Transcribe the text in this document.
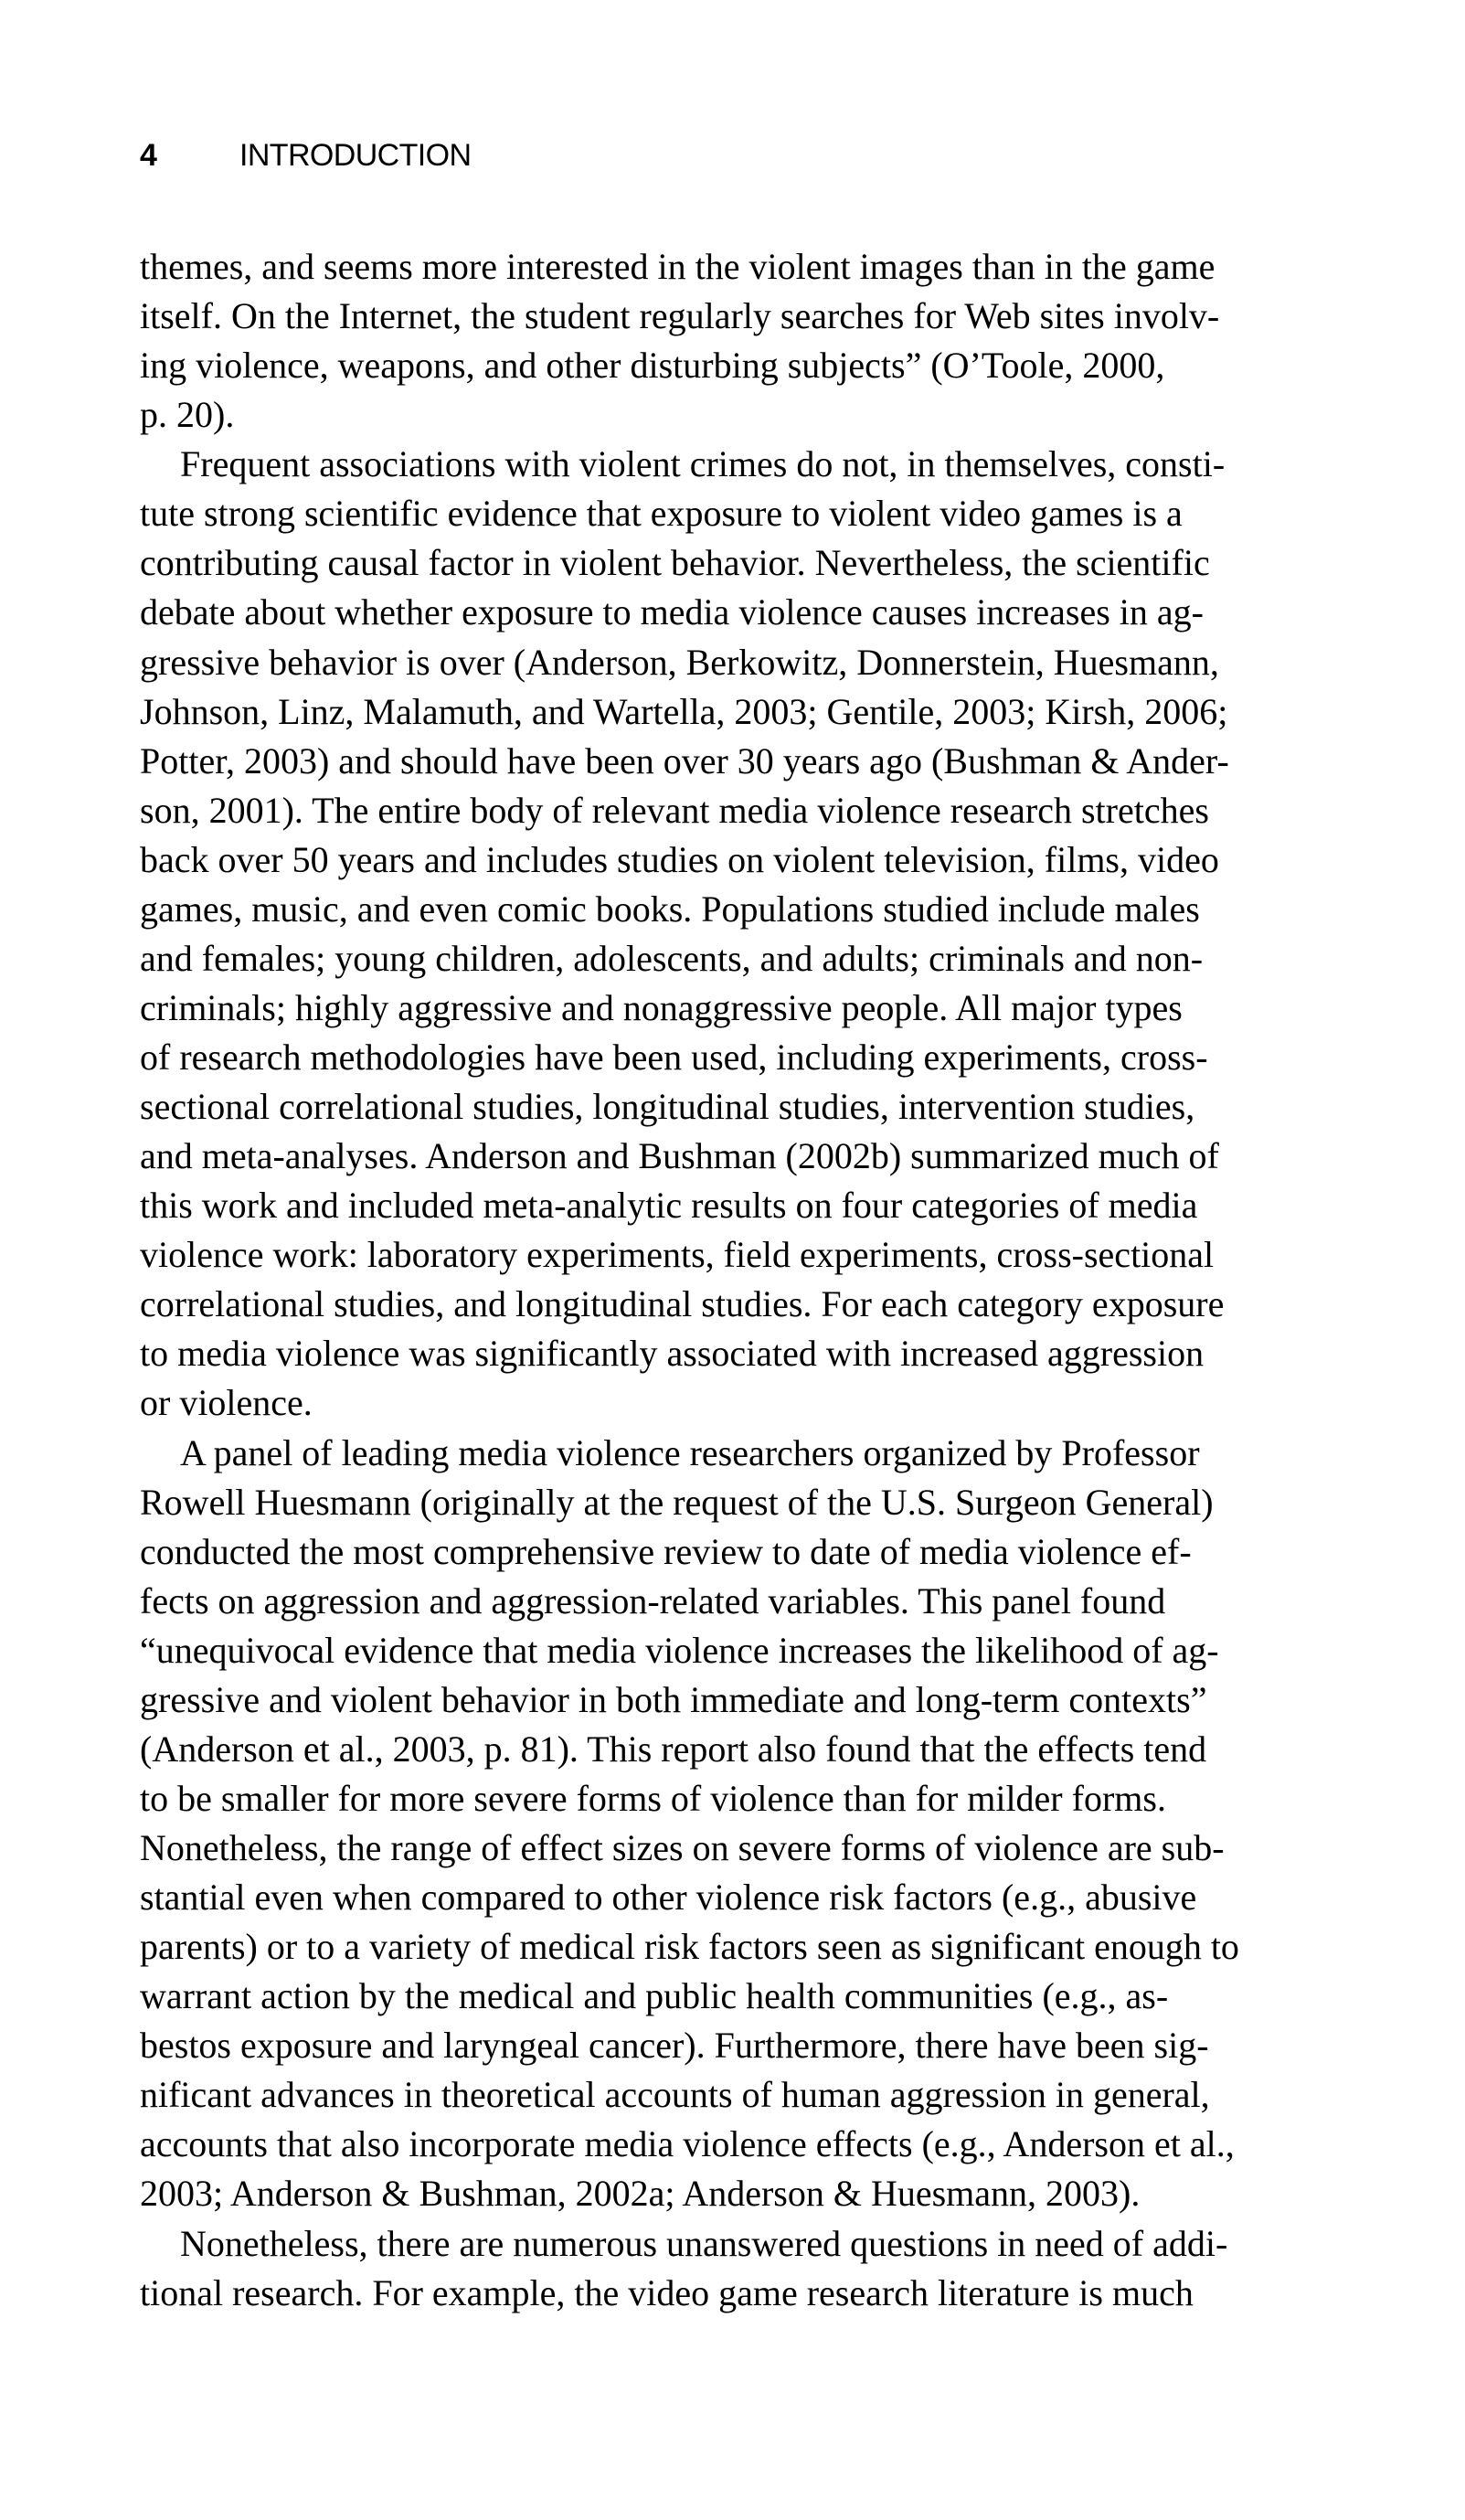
4	INTRODUCTION
themes, and seems more interested in the violent images than in the game
itself. On the Internet, the student regularly searches for Web sites involv-
ing violence, weapons, and other disturbing subjects” (O’Toole, 2000,
p. 20).
Frequent associations with violent crimes do not, in themselves, consti-
tute strong scientific evidence that exposure to violent video games is a
contributing causal factor in violent behavior. Nevertheless, the scientific
debate about whether exposure to media violence causes increases in ag-
gressive behavior is over (Anderson, Berkowitz, Donnerstein, Huesmann,
Johnson, Linz, Malamuth, and Wartella, 2003; Gentile, 2003; Kirsh, 2006;
Potter, 2003) and should have been over 30 years ago (Bushman & Ander-
son, 2001). The entire body of relevant media violence research stretches
back over 50 years and includes studies on violent television, films, video
games, music, and even comic books. Populations studied include males
and females; young children, adolescents, and adults; criminals and non-
criminals; highly aggressive and nonaggressive people. All major types
of research methodologies have been used, including experiments, cross-
sectional correlational studies, longitudinal studies, intervention studies,
and meta-analyses. Anderson and Bushman (2002b) summarized much of
this work and included meta-analytic results on four categories of media
violence work: laboratory experiments, field experiments, cross-sectional
correlational studies, and longitudinal studies. For each category exposure
to media violence was significantly associated with increased aggression
or violence.
A panel of leading media violence researchers organized by Professor
Rowell Huesmann (originally at the request of the U.S. Surgeon General)
conducted the most comprehensive review to date of media violence ef-
fects on aggression and aggression-related variables. This panel found
“unequivocal evidence that media violence increases the likelihood of ag-
gressive and violent behavior in both immediate and long-term contexts”
(Anderson et al., 2003, p. 81). This report also found that the effects tend
to be smaller for more severe forms of violence than for milder forms.
Nonetheless, the range of effect sizes on severe forms of violence are sub-
stantial even when compared to other violence risk factors (e.g., abusive
parents) or to a variety of medical risk factors seen as significant enough to
warrant action by the medical and public health communities (e.g., as-
bestos exposure and laryngeal cancer). Furthermore, there have been sig-
nificant advances in theoretical accounts of human aggression in general,
accounts that also incorporate media violence effects (e.g., Anderson et al.,
2003; Anderson & Bushman, 2002a; Anderson & Huesmann, 2003).
Nonetheless, there are numerous unanswered questions in need of addi-
tional research. For example, the video game research literature is much
